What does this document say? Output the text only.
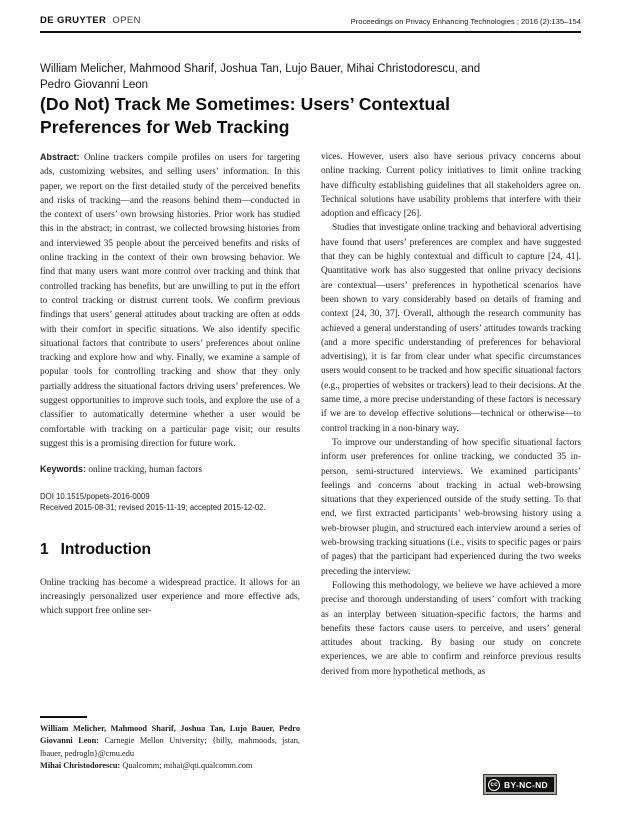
DE GRUYTER OPEN	Proceedings on Privacy Enhancing Technologies ; 2016 (2):135–154
William Melicher, Mahmood Sharif, Joshua Tan, Lujo Bauer, Mihai Christodorescu, and
Pedro Giovanni Leon
(Do Not) Track Me Sometimes: Users’ Contextual Preferences for Web Tracking

Abstract: Online trackers compile profiles on users for targeting ads, customizing websites, and selling users’ information. In this paper, we report on the first detailed study of the perceived benefits and risks of tracking—and the reasons behind them—conducted in the context of users’ own browsing histories. Prior work has studied this in the abstract; in contrast, we collected browsing histories from and interviewed 35 people about the perceived benefits and risks of online tracking in the context of their own browsing behavior. We find that many users want more control over tracking and think that controlled tracking has benefits, but are unwilling to put in the effort to control tracking or distrust current tools. We confirm previous findings that users’ general attitudes about tracking are often at odds with their comfort in specific situations. We also identify specific situational factors that contribute to users’ preferences about online tracking and explore how and why. Finally, we examine a sample of popular tools for controlling tracking and show that they only partially address the situational factors driving users’ preferences. We suggest opportunities to improve such tools, and explore the use of a classifier to automatically determine whether a user would be comfortable with tracking on a particular page visit; our results suggest this is a promising direction for future work.

Keywords: online tracking, human factors

DOI 10.1515/popets-2016-0009
Received 2015-08-31; revised 2015-11-19; accepted 2015-12-02.
1 Introduction

Online tracking has become a widespread practice. It allows for an increasingly personalized user experience and more effective ads, which support free online ser-

William Melicher, Mahmood Sharif, Joshua Tan, Lujo Bauer, Pedro Giovanni Leon: Carnegie Mellon University; {billy, mahmoods, jstan, lbauer, pedrogln}@cmu.edu
Mihai Christodorescu: Qualcomm; mihai@qti.qualcomm.com

vices. However, users also have serious privacy concerns about online tracking. Current policy initiatives to limit online tracking have difficulty establishing guidelines that all stakeholders agree on. Technical solutions have usability problems that interfere with their adoption and efficacy [26].

Studies that investigate online tracking and behavioral advertising have found that users’ preferences are complex and have suggested that they can be highly contextual and difficult to capture [24, 41]. Quantitative work has also suggested that online privacy decisions are contextual—users’ preferences in hypothetical scenarios have been shown to vary considerably based on details of framing and context [24, 30, 37]. Overall, although the research community has achieved a general understanding of users’ attitudes towards tracking (and a more specific understanding of preferences for behavioral advertising), it is far from clear under what specific circumstances users would consent to be tracked and how specific situational factors (e.g., properties of websites or trackers) lead to their decisions. At the same time, a more precise understanding of these factors is necessary if we are to develop effective solutions—technical or otherwise—to control tracking in a non-binary way.

To improve our understanding of how specific situational factors inform user preferences for online tracking, we conducted 35 in-person, semi-structured interviews. We examined participants’ feelings and concerns about tracking in actual web-browsing situations that they experienced outside of the study setting. To that end, we first extracted participants’ web-browsing history using a web-browser plugin, and structured each interview around a series of web-browsing tracking situations (i.e., visits to specific pages or pairs of pages) that the participant had experienced during the two weeks preceding the interview.

Following this methodology, we believe we have achieved a more precise and thorough understanding of users’ comfort with tracking as an interplay between situation-specific factors, the harms and benefits these factors cause users to perceive, and users’ general attitudes about tracking. By basing our study on concrete experiences, we are able to confirm and reinforce previous results derived from more hypothetical methods, as

cc BY-NC-ND
